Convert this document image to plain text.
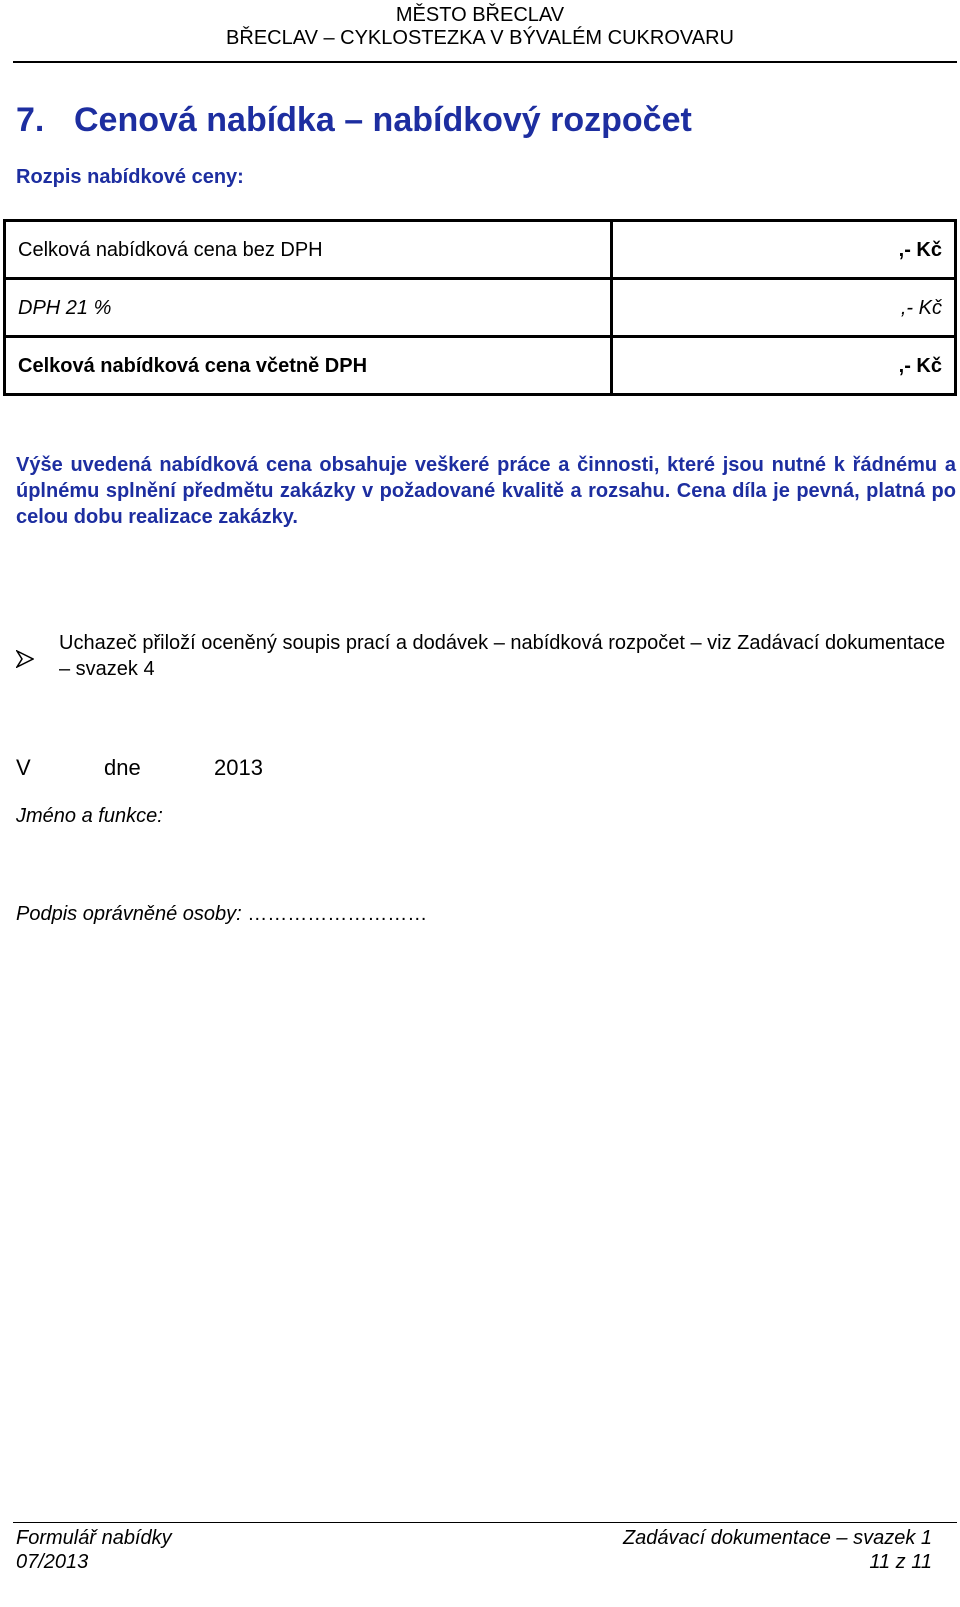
MĚSTO BŘECLAV
BŘECLAV – CYKLOSTEZKA V BÝVALÉM CUKROVARU
7. Cenová nabídka – nabídkový rozpočet
Rozpis nabídkové ceny:
Celková nabídková cena bez DPH	,- Kč
DPH 21 %	,- Kč
Celková nabídková cena včetně DPH	,- Kč
Výše uvedená nabídková cena obsahuje veškeré práce a činnosti, které jsou nutné k řádnému a úplnému splnění předmětu zakázky v požadované kvalitě a rozsahu. Cena díla je pevná, platná po celou dobu realizace zakázky.
Uchazeč přiloží oceněný soupis prací a dodávek – nabídková rozpočet – viz Zadávací dokumentace – svazek 4
V	dne	2013
Jméno a funkce:
Podpis oprávněné osoby: ………………………
Formulář nabídky
07/2013
Zadávací dokumentace – svazek 1
11 z 11
